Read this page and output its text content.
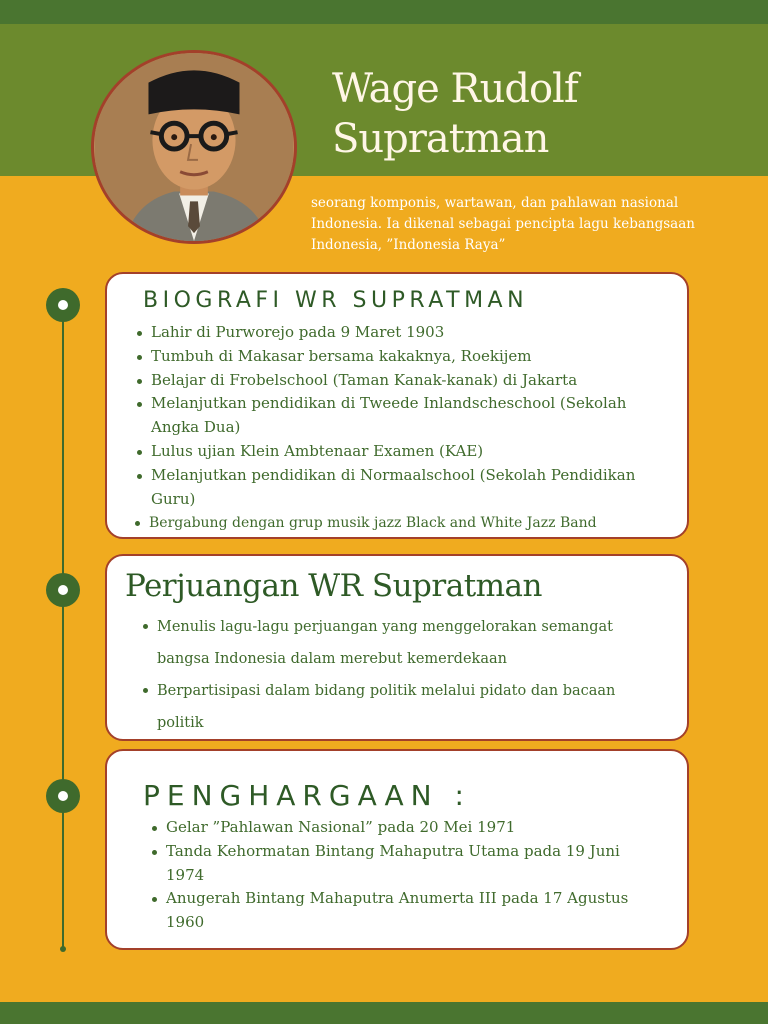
Wage Rudolf
Supratman
seorang komponis, wartawan, dan pahlawan nasional Indonesia. Ia dikenal sebagai pencipta lagu kebangsaan Indonesia, ”Indonesia Raya”
BIOGRAFI WR SUPRATMAN
Lahir di Purworejo pada 9 Maret 1903
Tumbuh di Makasar bersama kakaknya, Roekijem
Belajar di Frobelschool (Taman Kanak-kanak) di Jakarta
Melanjutkan pendidikan di Tweede Inlandscheschool (Sekolah Angka Dua)
Lulus ujian Klein Ambtenaar Examen (KAE)
Melanjutkan pendidikan di Normaalschool (Sekolah Pendidikan Guru)
Bergabung dengan grup musik jazz Black and White Jazz Band
Perjuangan WR Supratman
Menulis lagu-lagu perjuangan yang menggelorakan semangat bangsa Indonesia dalam merebut kemerdekaan
Berpartisipasi dalam bidang politik melalui pidato dan bacaan politik
PENGHARGAAN :
Gelar ”Pahlawan Nasional” pada 20 Mei 1971
Tanda Kehormatan Bintang Mahaputra Utama pada 19 Juni 1974
Anugerah Bintang Mahaputra Anumerta III pada 17 Agustus 1960
